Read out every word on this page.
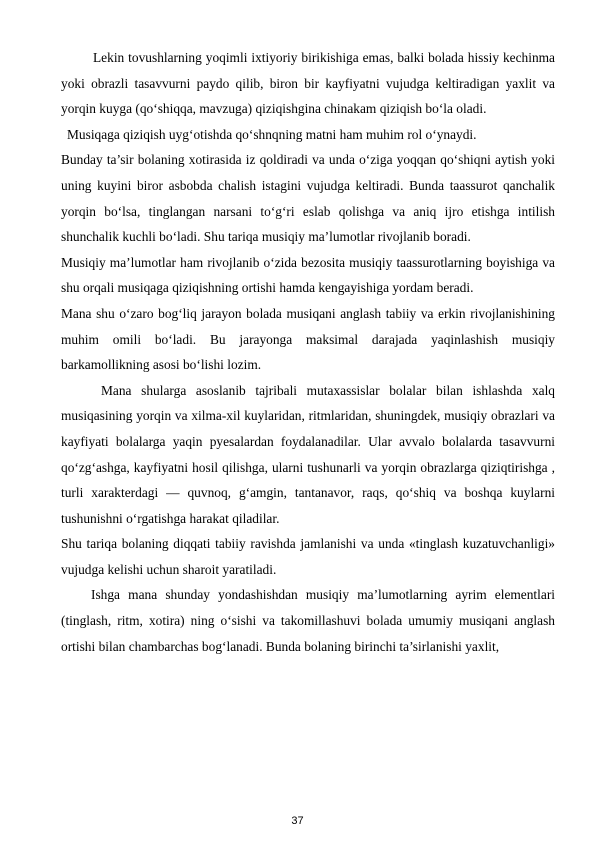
Lekin tovushlarning yoqimli ixtiyoriy birikishiga emas, balki bolada hissiy kechinma yoki obrazli tasavvurni paydo qilib, biron bir kayfiyatni vujudga keltiradigan yaxlit va yorqin kuyga (qo‘shiqqa, mavzuga) qiziqishgina chinakam qiziqish bo‘la oladi.

Musiqaga qiziqish uyg‘otishda qo‘shnqning matni ham muhim rol o‘ynaydi.

Bunday ta’sir bolaning xotirasida iz qoldiradi va unda o‘ziga yoqqan qo‘shiqni aytish yoki uning kuyini biror asbobda chalish istagini vujudga keltiradi. Bunda taassurot qanchalik yorqin bo‘lsa, tinglangan narsani to‘g‘ri eslab qolishga va aniq ijro etishga intilish shunchalik kuchli bo‘ladi. Shu tariqa musiqiy ma’lumotlar rivojlanib boradi.

Musiqiy ma’lumotlar ham rivojlanib o‘zida bezosita musiqiy taassurotlarning boyishiga va shu orqali musiqaga qiziqishning ortishi hamda kengayishiga yordam beradi.

Mana shu o‘zaro bog‘liq jarayon bolada musiqani anglash tabiiy va erkin rivojlanishining muhim omili bo‘ladi. Bu jarayonga maksimal darajada yaqinlashish musiqiy barkamollikning asosi bo‘lishi lozim.

Mana shularga asoslanib tajribali mutaxassislar bolalar bilan ishlashda xalq musiqasining yorqin va xilma-xil kuylaridan, ritmlaridan, shuningdek, musiqiy obrazlari va kayfiyati bolalarga yaqin pyesalardan foydalanadilar. Ular avvalo bolalarda tasavvurni qo‘zg‘ashga, kayfiyatni hosil qilishga, ularni tushunarli va yorqin obrazlarga qiziqtirishga , turli xarakterdagi — quvnoq, g‘amgin, tantanavor, raqs, qo‘shiq va boshqa kuylarni tushunishni o‘rgatishga harakat qiladilar.

Shu tariqa bolaning diqqati tabiiy ravishda jamlanishi va unda «tinglash kuzatuvchanligi» vujudga kelishi uchun sharoit yaratiladi.

Ishga mana shunday yondashishdan musiqiy ma’lumotlarning ayrim elementlari (tinglash, ritm, xotira) ning o‘sishi va takomillashuvi bolada umumiy musiqani anglash ortishi bilan chambarchas bog‘lanadi. Bunda bolaning birinchi ta’sirlanishi yaxlit,

37
